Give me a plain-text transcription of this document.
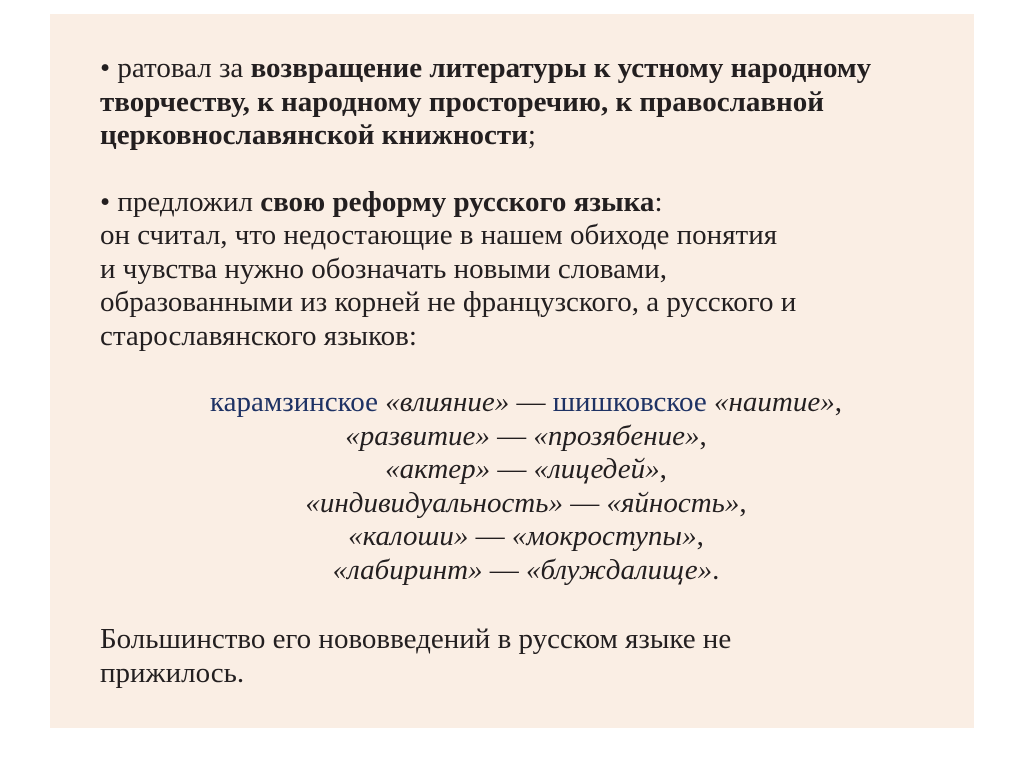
• ратовал за возвращение литературы к устному народному творчеству, к народному просторечию, к православной церковнославянской книжности;

• предложил свою реформу русского языка:
он считал, что недостающие в нашем обиходе понятия
и чувства нужно обозначать новыми словами,
образованными из корней не французского, а русского и
старославянского языков:

карамзинское «влияние» — шишковское «наитие»,
«развитие» — «прозябение»,
«актер» — «лицедей»,
«индивидуальность» — «яйность»,
«калоши» — «мокроступы»,
«лабиринт» — «блуждалище».

Большинство его нововведений в русском языке не
прижилось.
